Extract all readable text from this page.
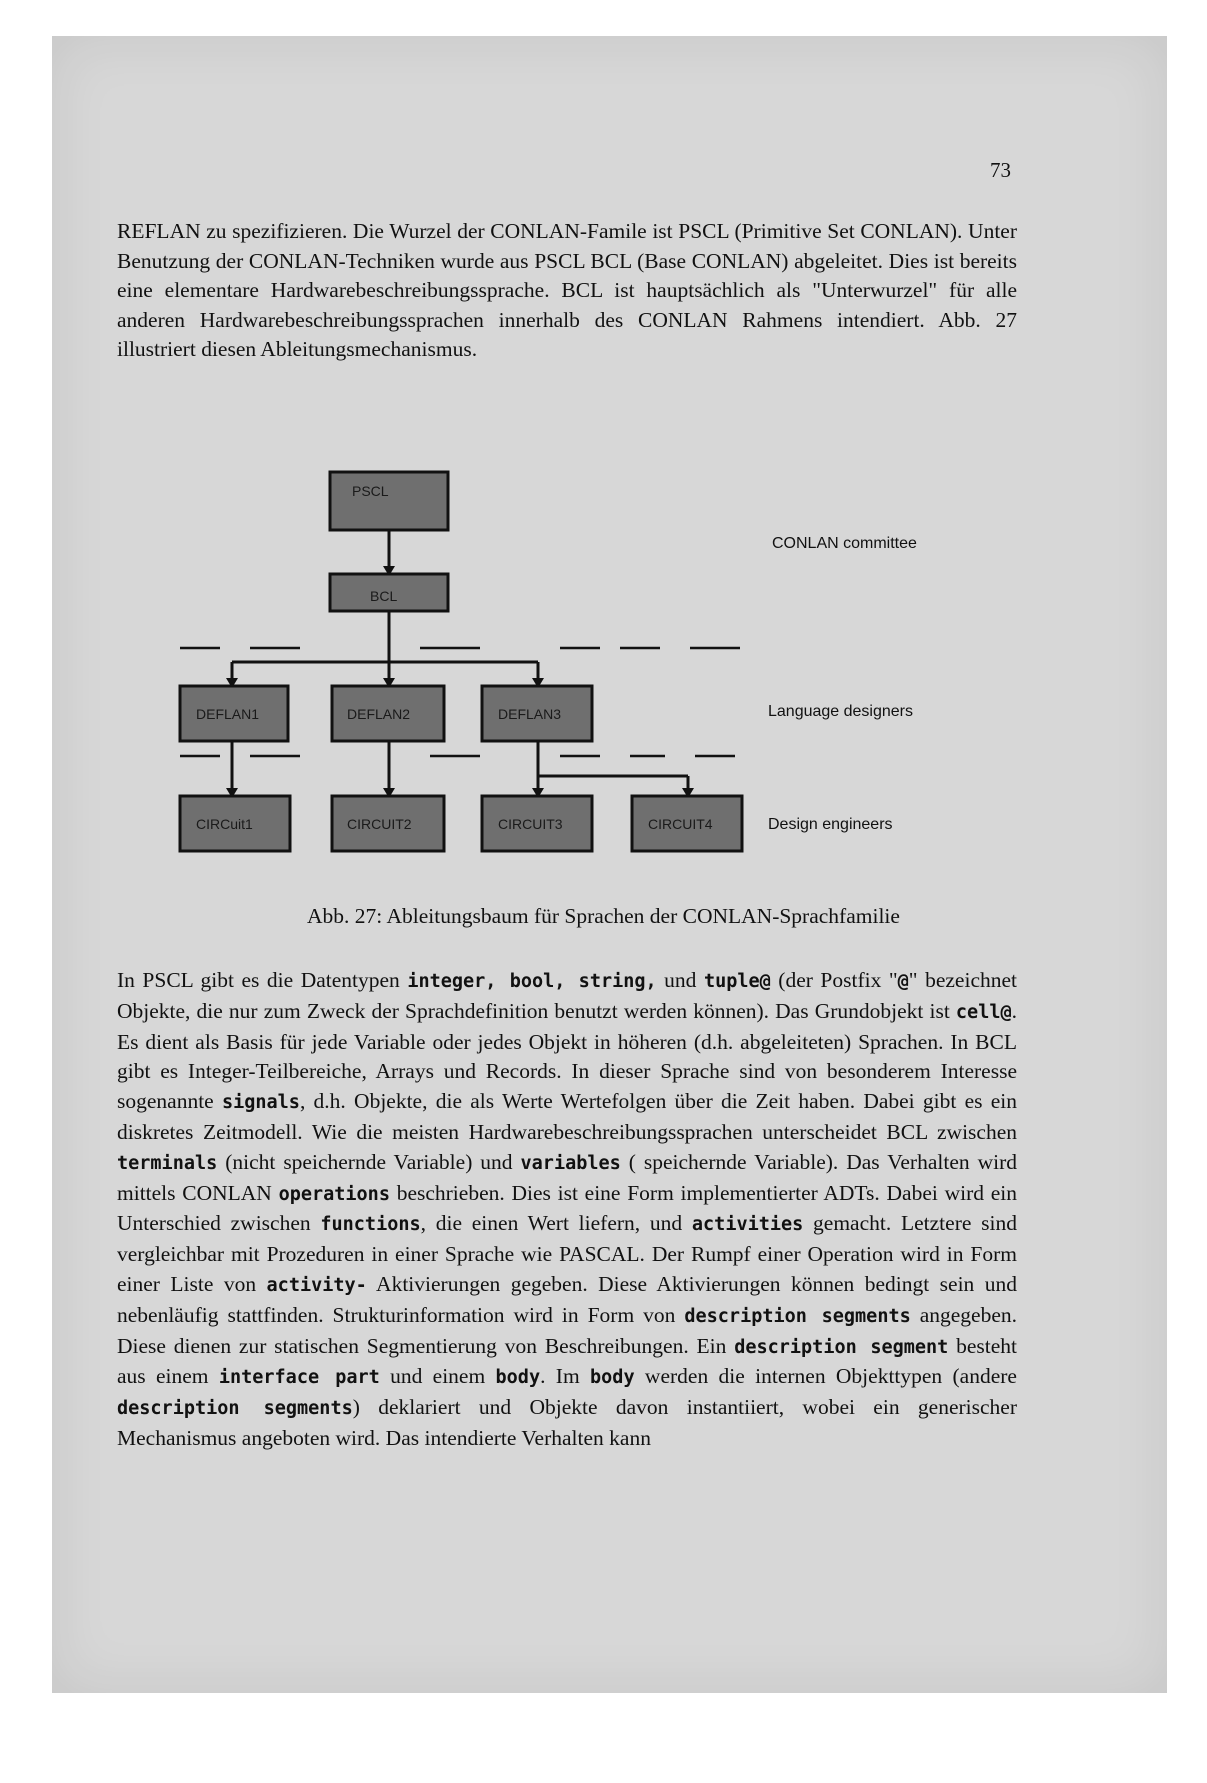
73
REFLAN zu spezifizieren. Die Wurzel der CONLAN-Famile ist PSCL (Primitive Set CONLAN). Unter Benutzung der CONLAN-Techniken wurde aus PSCL BCL (Base CONLAN) abgeleitet. Dies ist bereits eine elementare Hardwarebeschreibungssprache. BCL ist hauptsächlich als "Unterwurzel" für alle anderen Hardwarebeschreibungssprachen innerhalb des CONLAN Rahmens intendiert. Abb. 27 illustriert diesen Ableitungsmechanismus.
PSCL
BCL
DEFLAN1	DEFLAN2	DEFLAN3
CIRCuit1	CIRCUIT2	CIRCUIT3	CIRCUIT4
CONLAN committee
Language designers
Design engineers
Abb. 27: Ableitungsbaum für Sprachen der CONLAN-Sprachfamilie
In PSCL gibt es die Datentypen integer, bool, string, und tuple@ (der Postfix "@" bezeichnet Objekte, die nur zum Zweck der Sprachdefinition benutzt werden können). Das Grundobjekt ist cell@. Es dient als Basis für jede Variable oder jedes Objekt in höheren (d.h. abgeleiteten) Sprachen. In BCL gibt es Integer-Teilbereiche, Arrays und Records. In dieser Sprache sind von besonderem Interesse sogenannte signals, d.h. Objekte, die als Werte Wertefolgen über die Zeit haben. Dabei gibt es ein diskretes Zeitmodell. Wie die meisten Hardwarebeschreibungssprachen unterscheidet BCL zwischen terminals (nicht speichernde Variable) und variables ( speichernde Variable). Das Verhalten wird mittels CONLAN operations beschrieben. Dies ist eine Form implementierter ADTs. Dabei wird ein Unterschied zwischen functions, die einen Wert liefern, und activities gemacht. Letztere sind vergleichbar mit Prozeduren in einer Sprache wie PASCAL. Der Rumpf einer Operation wird in Form einer Liste von activity- Aktivierungen gegeben. Diese Aktivierungen können bedingt sein und nebenläufig stattfinden. Strukturinformation wird in Form von description segments angegeben. Diese dienen zur statischen Segmentierung von Beschreibungen. Ein description segment besteht aus einem interface part und einem body. Im body werden die internen Objekttypen (andere description segments) deklariert und Objekte davon instantiiert, wobei ein generischer Mechanismus angeboten wird. Das intendierte Verhalten kann
